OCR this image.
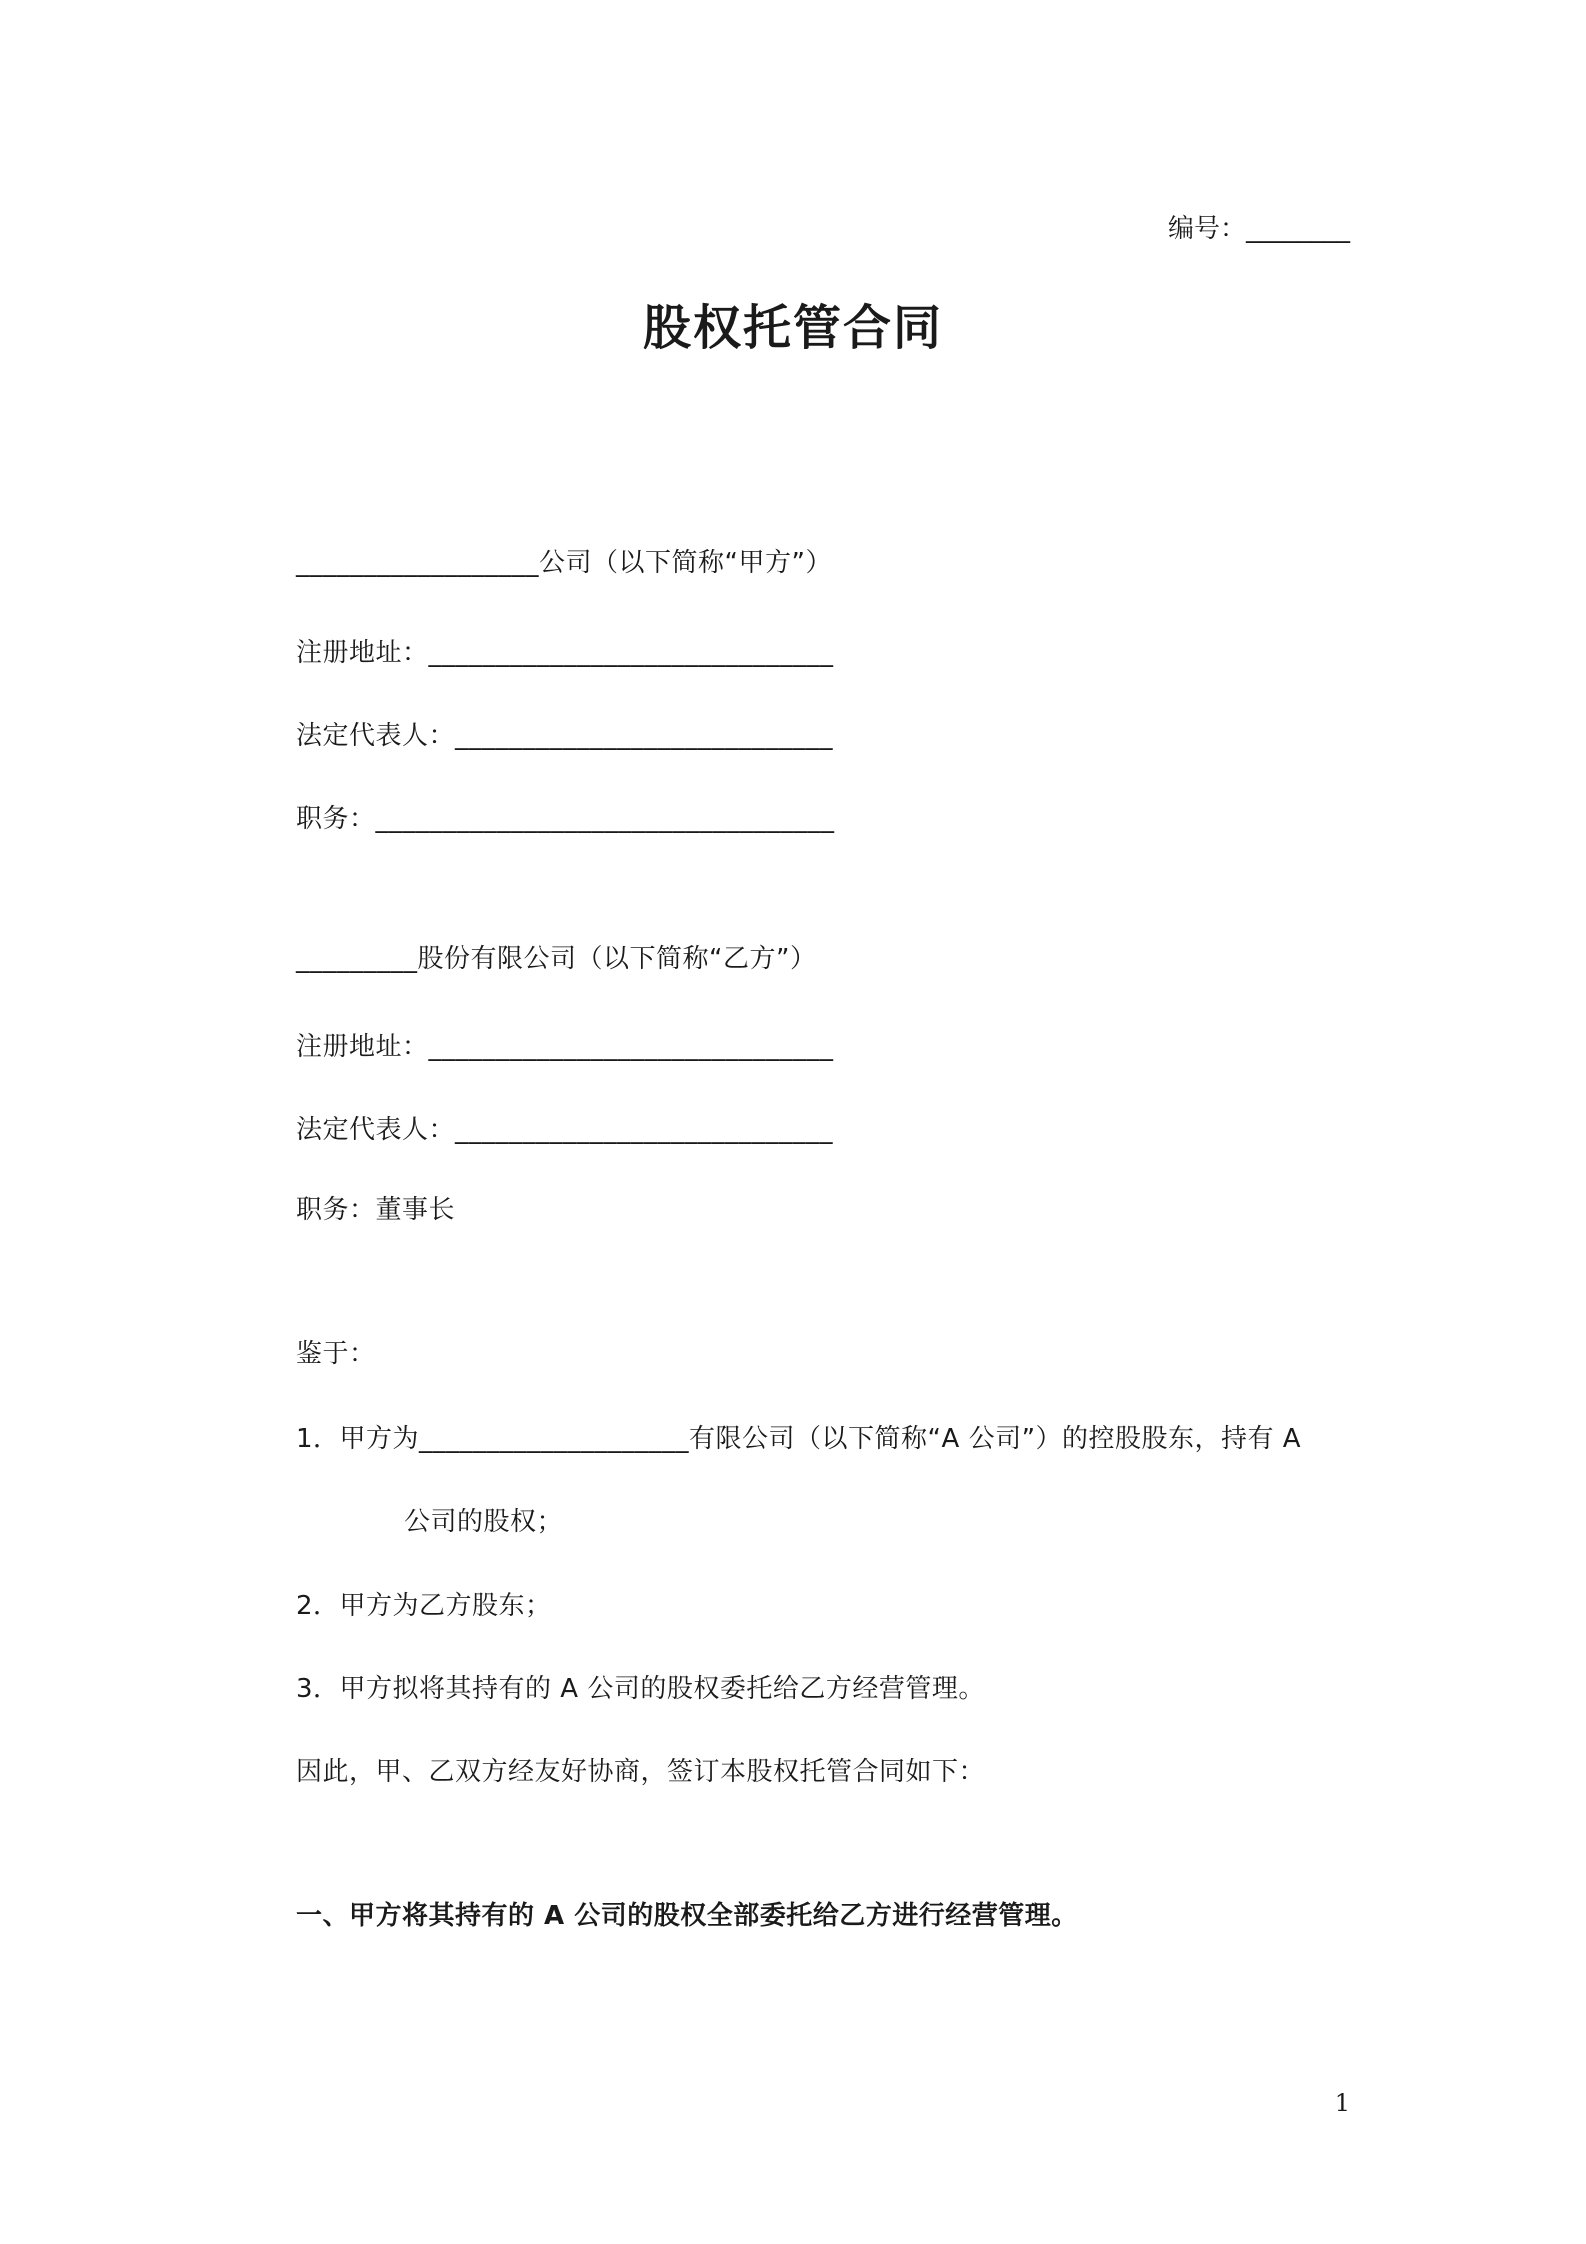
编号：________
股权托管合同
__________________公司（以下简称“甲方”）
注册地址：______________________________
法定代表人：____________________________
职务：__________________________________
_________股份有限公司（以下简称“乙方”）
注册地址：______________________________
法定代表人：____________________________
职务：董事长
鉴于：
1．甲方为____________________有限公司（以下简称“A 公司”）的控股股东，持有 A
公司的股权；
2．甲方为乙方股东；
3．甲方拟将其持有的 A 公司的股权委托给乙方经营管理。
因此，甲、乙双方经友好协商，签订本股权托管合同如下：
一、甲方将其持有的 A 公司的股权全部委托给乙方进行经营管理。
1
